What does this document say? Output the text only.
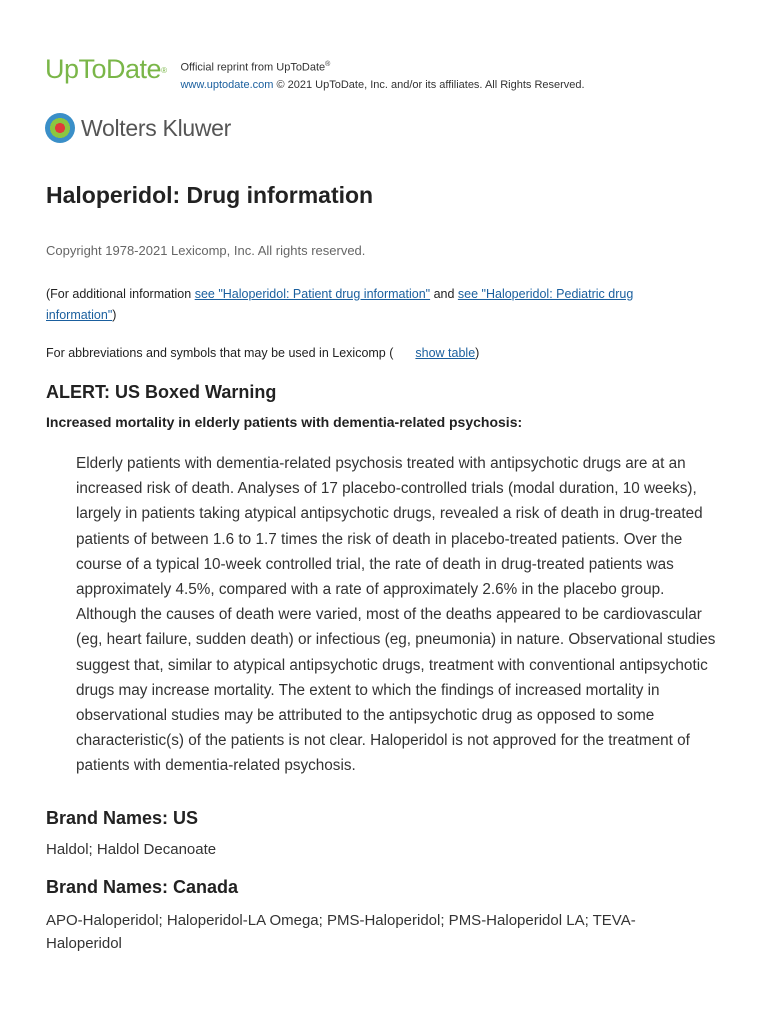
UpToDate® Official reprint from UpToDate®
www.uptodate.com © 2021 UpToDate, Inc. and/or its affiliates. All Rights Reserved.
Wolters Kluwer
Haloperidol: Drug information
Copyright 1978-2021 Lexicomp, Inc. All rights reserved.
(For additional information see "Haloperidol: Patient drug information" and see "Haloperidol: Pediatric drug information")
For abbreviations and symbols that may be used in Lexicomp ( show table)
ALERT: US Boxed Warning
Increased mortality in elderly patients with dementia-related psychosis:
Elderly patients with dementia-related psychosis treated with antipsychotic drugs are at an increased risk of death. Analyses of 17 placebo-controlled trials (modal duration, 10 weeks), largely in patients taking atypical antipsychotic drugs, revealed a risk of death in drug-treated patients of between 1.6 to 1.7 times the risk of death in placebo-treated patients. Over the course of a typical 10-week controlled trial, the rate of death in drug-treated patients was approximately 4.5%, compared with a rate of approximately 2.6% in the placebo group. Although the causes of death were varied, most of the deaths appeared to be cardiovascular (eg, heart failure, sudden death) or infectious (eg, pneumonia) in nature. Observational studies suggest that, similar to atypical antipsychotic drugs, treatment with conventional antipsychotic drugs may increase mortality. The extent to which the findings of increased mortality in observational studies may be attributed to the antipsychotic drug as opposed to some characteristic(s) of the patients is not clear. Haloperidol is not approved for the treatment of patients with dementia-related psychosis.
Brand Names: US
Haldol; Haldol Decanoate
Brand Names: Canada
APO-Haloperidol; Haloperidol-LA Omega; PMS-Haloperidol; PMS-Haloperidol LA; TEVA-Haloperidol
